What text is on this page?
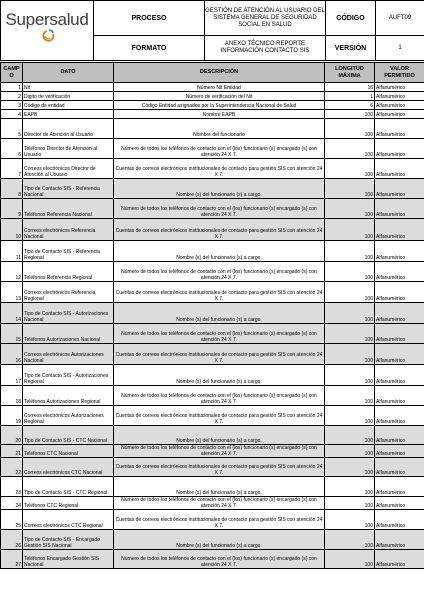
Supersalud	PROCESO	GESTIÓN DE ATENCIÓN AL USUARIO DEL SISTEMA GENERAL DE SEGURIDAD SOCIAL EN SALUD	CÓDIGO	AUFT09
	FORMATO	ANEXO TÉCNICO REPORTE INFORMACIÓN CONTACTO SIS	VERSIÓN	1
CAMP O	DATO	DESCRIPCIÓN	LONGITUD MÁXIMA	VALOR PERMITIDO
1	Nit	Número Nit Entidad	16	Alfanumérico
2	Digito de verificación	Número de verificación del Nit	1	Alfanumérico
3	Código de entidad	Código Entidad asignados por la Superintendencia Nacional de Salud	6	Alfanumérico
4	EAPB	Nombre EAPB	100	Alfanumérico
5	Director de Atención al Usuario	Nombre del funcionario	100	Alfanumérico
6	Teléfonos Director de Atención al Usuario	Número de todos los teléfonos de contacto con el (los) funcionario (s) encargado (s) con atención 24 X 7.	100	Alfanumérico
7	Correos electrónicos Director de Atención al Usuario	Cuentas de correos electrónicos institucionales de contacto para gestión SIS con atención 24 X 7.	100	Alfanumérico
8	Tipo de Contacto SIS - Referencia Nacional	Nombre (s) del funcionario (s) a cargo.	100	Alfanumérico
9	Teléfonos Referencia Nacional	Número de todos los teléfonos de contacto con el (los) funcionario (s) encargado (s) con atención 24 X 7.	100	Alfanumérico
10	Correos electrónicos Referencia Nacional	Cuentas de correos electrónicos institucionales de contacto para gestión SIS con atención 24 X 7.	100	Alfanumérico
11	Tipo de Contacto SIS - Referencia Regional	Nombre (s) del funcionario (s) a cargo.	100	Alfanumérico
12	Teléfonos Referencia Regional	Número de todos los teléfonos de contacto con el (los) funcionario (s) encargado (s) con atención 24 X 7.	100	Alfanumérico
13	Correos electrónicos Referencia Regional	Cuentas de correos electrónicos institucionales de contacto para gestión SIS con atención 24 X 7.	100	Alfanumérico
14	Tipo de Contacto SIS - Autorizaciones Nacional	Nombre (s) del funcionario (s) a cargo.	100	Alfanumérico
15	Teléfonos Autorizaciones Nacional	Número de todos los teléfonos de contacto con el (los) funcionario (s) encargado (s) con atención 24 X 7.	100	Alfanumérico
16	Correos electrónicos Autorizaciones Nacional	Cuentas de correos electrónicos institucionales de contacto para gestión SIS con atención 24 X 7.	100	Alfanumérico
17	Tipo de Contacto SIS - Autorizaciones Regional	Nombre (s) del funcionario (s) a cargo.	100	Alfanumérico
18	Teléfonos Autorizaciones Regional	Número de todos los teléfonos de contacto con el (los) funcionario (s) encargado (s) con atención 24 X 7.	100	Alfanumérico
19	Correos electrónicos Autorizaciones Regional	Cuentas de correos electrónicos institucionales de contacto para gestión SIS con atención 24 X 7.	100	Alfanumérico
20	Tipo de Contacto SIS - CTC Nacional	Nombre (s) del funcionario (s) a cargo.	100	Alfanumérico
21	Teléfonos CTC Nacional	Número de todos los teléfonos de contacto con el (los) funcionario (s) encargado (s) con atención 24 X 7.	100	Alfanumérico
22	Correos electrónicos CTC Nacional	Cuentas de correos electrónicos institucionales de contacto para gestión SIS con atención 24 X 7.	100	Alfanumérico
23	Tipo de Contacto SIS - CTC Regional	Nombre (s) del funcionario (s) a cargo.	100	Alfanumérico
24	Teléfonos CTC Regional	Número de todos los teléfonos de contacto con el (los) funcionario (s) encargado (s) con atención 24 X 7.	100	Alfanumérico
25	Correos electrónicos CTC Regional	Cuentas de correos electrónicos institucionales de contacto para gestión SIS con atención 24 X 7.	100	Alfanumérico
26	Tipo de Contacto SIS - Encargado Gestión SIS Nacional	Nombre (s) del funcionario (s) a cargo.	100	Alfanumérico
27	Teléfonos Encargado Gestión SIS Nacional	Número de todos los teléfonos de contacto con el (los) funcionario (s) encargado (s) con atención 24 X 7.	100	Alfanumérico
